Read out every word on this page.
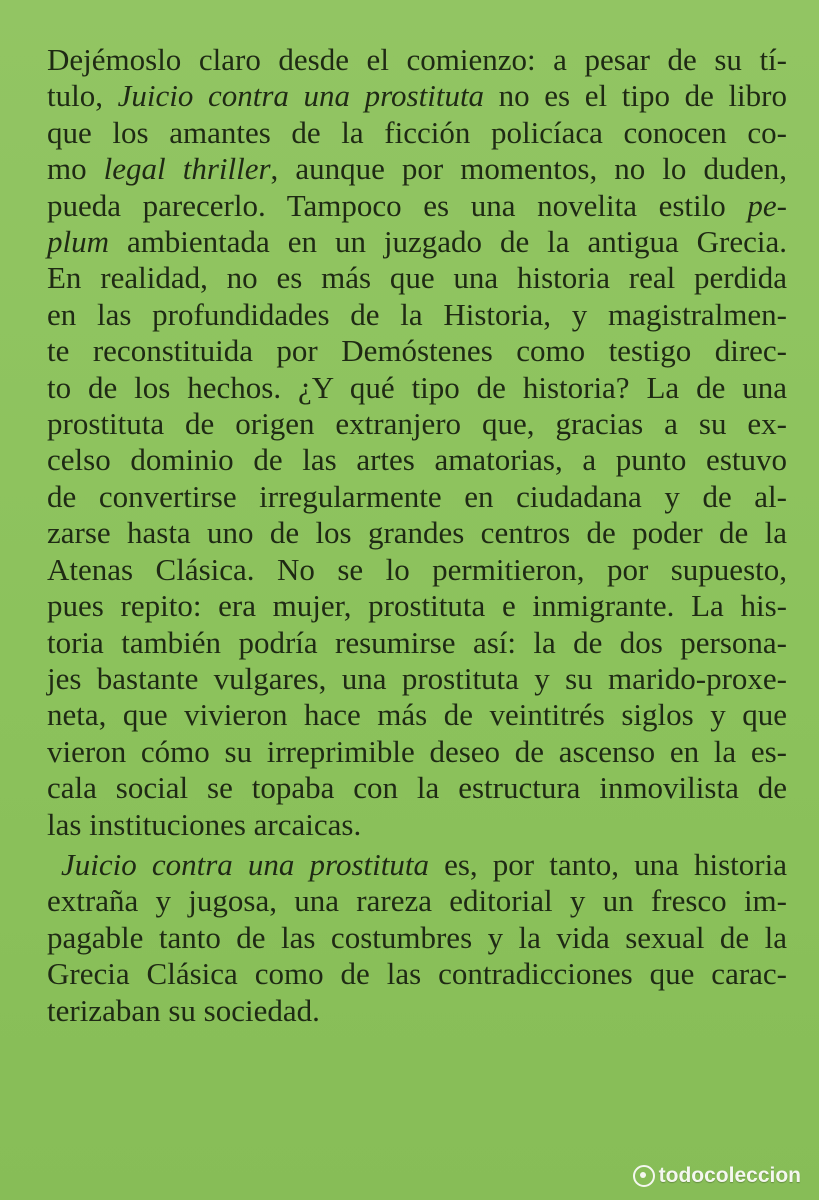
Dejémoslo claro desde el comienzo: a pesar de su tí-
tulo, Juicio contra una prostituta no es el tipo de libro
que los amantes de la ficción policíaca conocen co-
mo legal thriller, aunque por momentos, no lo duden,
pueda parecerlo. Tampoco es una novelita estilo pe-
plum ambientada en un juzgado de la antigua Grecia.
En realidad, no es más que una historia real perdida
en las profundidades de la Historia, y magistralmen-
te reconstituida por Demóstenes como testigo direc-
to de los hechos. ¿Y qué tipo de historia? La de una
prostituta de origen extranjero que, gracias a su ex-
celso dominio de las artes amatorias, a punto estuvo
de convertirse irregularmente en ciudadana y de al-
zarse hasta uno de los grandes centros de poder de la
Atenas Clásica. No se lo permitieron, por supuesto,
pues repito: era mujer, prostituta e inmigrante. La his-
toria también podría resumirse así: la de dos persona-
jes bastante vulgares, una prostituta y su marido-proxe-
neta, que vivieron hace más de veintitrés siglos y que
vieron cómo su irreprimible deseo de ascenso en la es-
cala social se topaba con la estructura inmovilista de
las instituciones arcaicas.
Juicio contra una prostituta es, por tanto, una historia
extraña y jugosa, una rareza editorial y un fresco im-
pagable tanto de las costumbres y la vida sexual de la
Grecia Clásica como de las contradicciones que carac-
terizaban su sociedad.
todocoleccion
